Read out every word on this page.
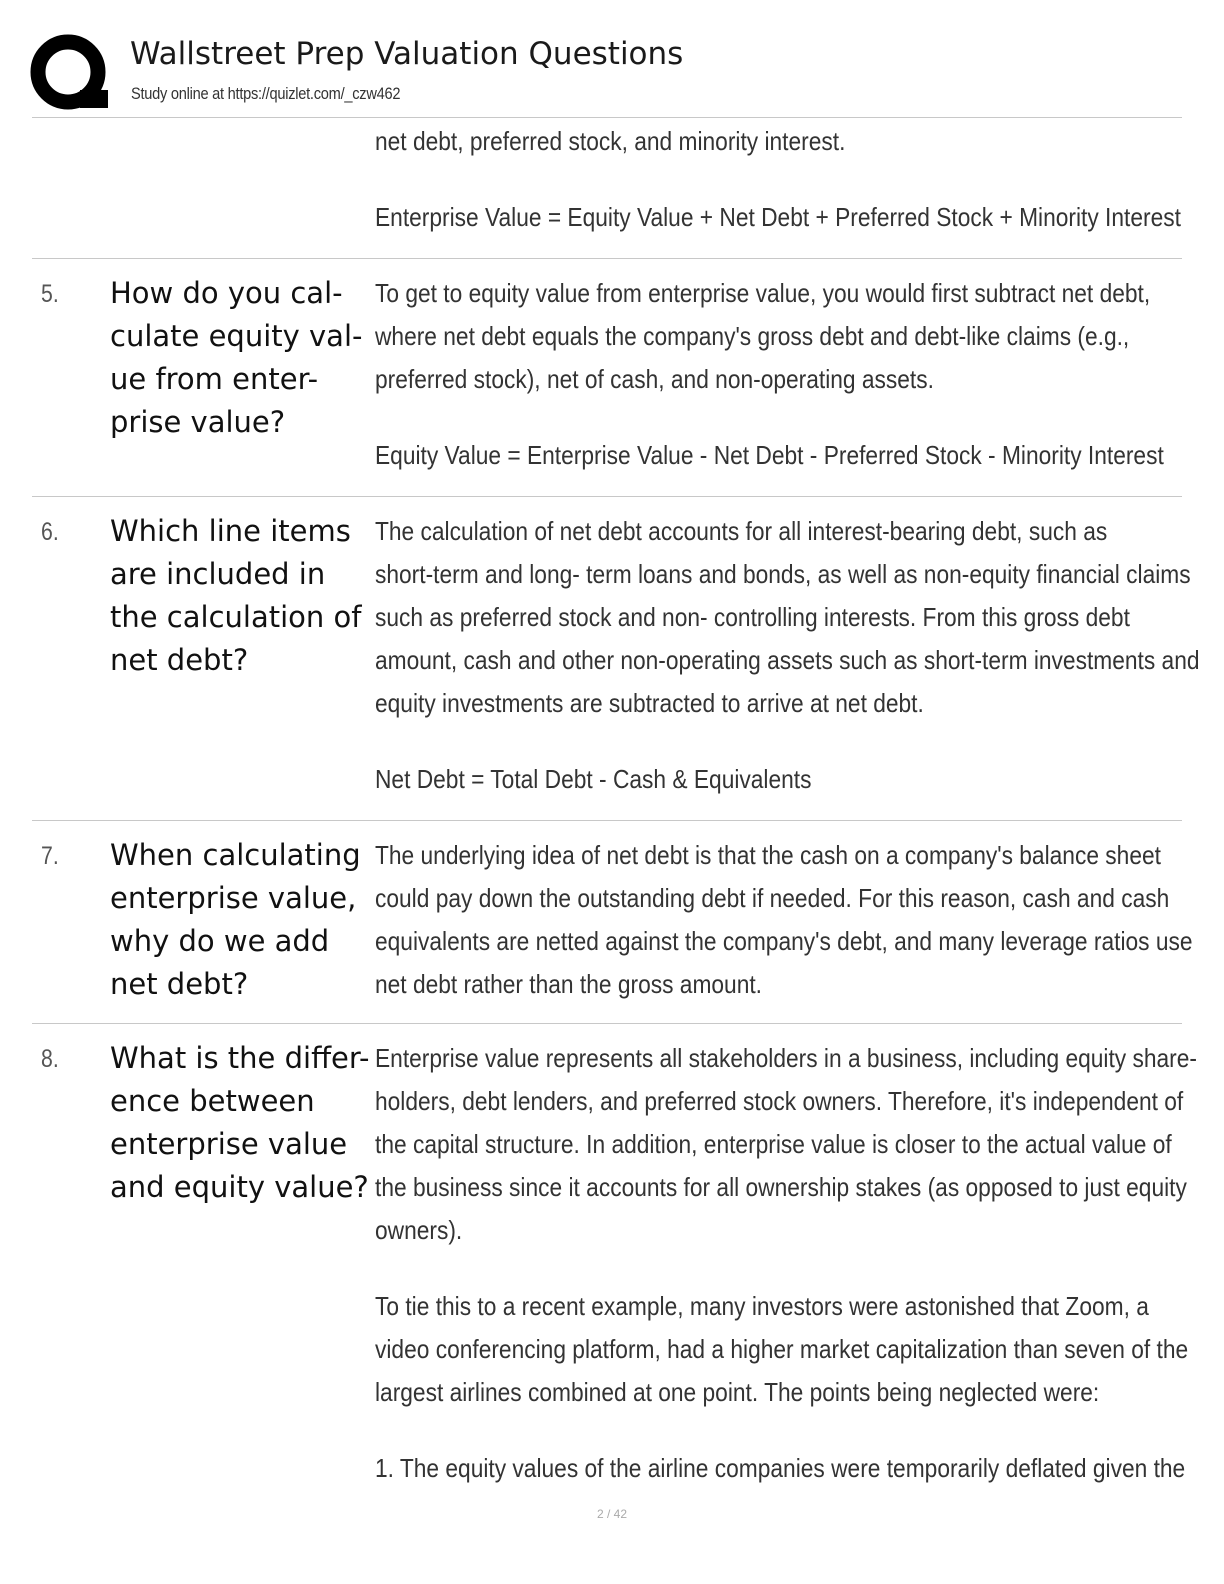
Wallstreet Prep Valuation Questions
Study online at https://quizlet.com/_czw462

net debt, preferred stock, and minority interest.

Enterprise Value = Equity Value + Net Debt + Preferred Stock + Minority Interest

5. How do you cal-
culate equity val-
ue from enter-
prise value?

To get to equity value from enterprise value, you would first subtract net debt,
where net debt equals the company's gross debt and debt-like claims (e.g.,
preferred stock), net of cash, and non-operating assets.

Equity Value = Enterprise Value - Net Debt - Preferred Stock - Minority Interest

6. Which line items
are included in
the calculation of
net debt?

The calculation of net debt accounts for all interest-bearing debt, such as
short-term and long- term loans and bonds, as well as non-equity financial claims
such as preferred stock and non- controlling interests. From this gross debt
amount, cash and other non-operating assets such as short-term investments and
equity investments are subtracted to arrive at net debt.

Net Debt = Total Debt - Cash & Equivalents

7. When calculating
enterprise value,
why do we add
net debt?

The underlying idea of net debt is that the cash on a company's balance sheet
could pay down the outstanding debt if needed. For this reason, cash and cash
equivalents are netted against the company's debt, and many leverage ratios use
net debt rather than the gross amount.

8. What is the differ-
ence between
enterprise value
and equity value?

Enterprise value represents all stakeholders in a business, including equity share-
holders, debt lenders, and preferred stock owners. Therefore, it's independent of
the capital structure. In addition, enterprise value is closer to the actual value of
the business since it accounts for all ownership stakes (as opposed to just equity
owners).

To tie this to a recent example, many investors were astonished that Zoom, a
video conferencing platform, had a higher market capitalization than seven of the
largest airlines combined at one point. The points being neglected were:

1. The equity values of the airline companies were temporarily deflated given the

2 / 42
